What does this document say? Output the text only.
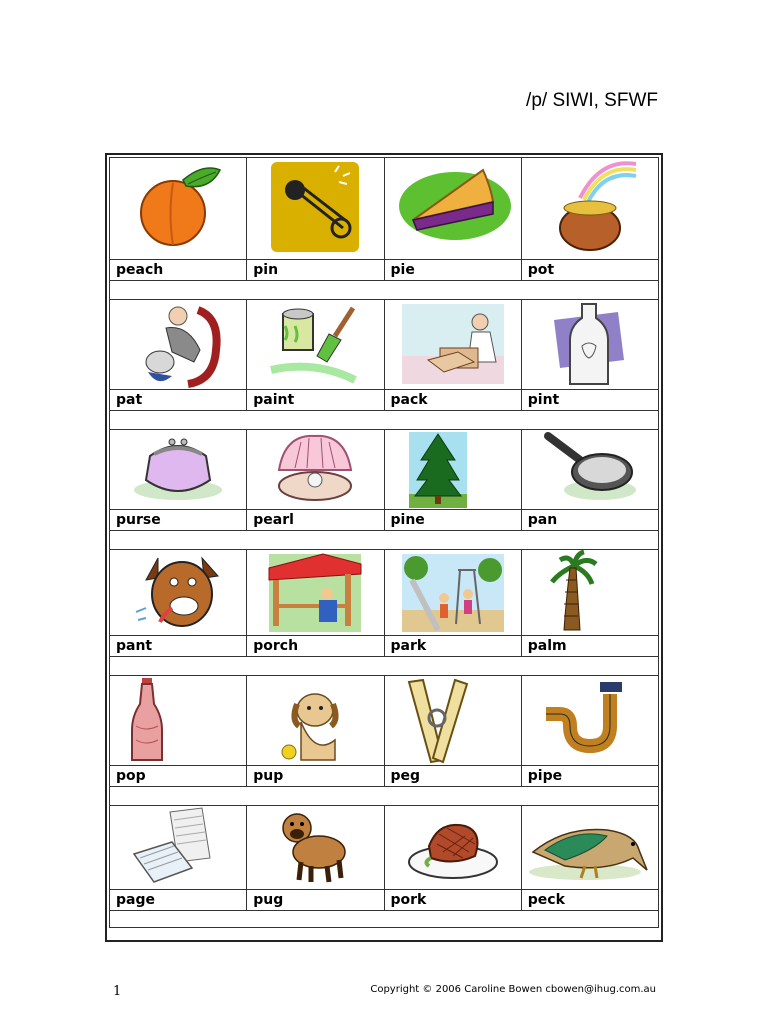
/p/ SIWI, SFWF

peach	pin	pie	pot

pat	paint	pack	pint

purse	pearl	pine	pan

pant	porch	park	palm

pop	pup	peg	pipe

page	pug	pork	peck

1	Copyright © 2006 Caroline Bowen cbowen@ihug.com.au
